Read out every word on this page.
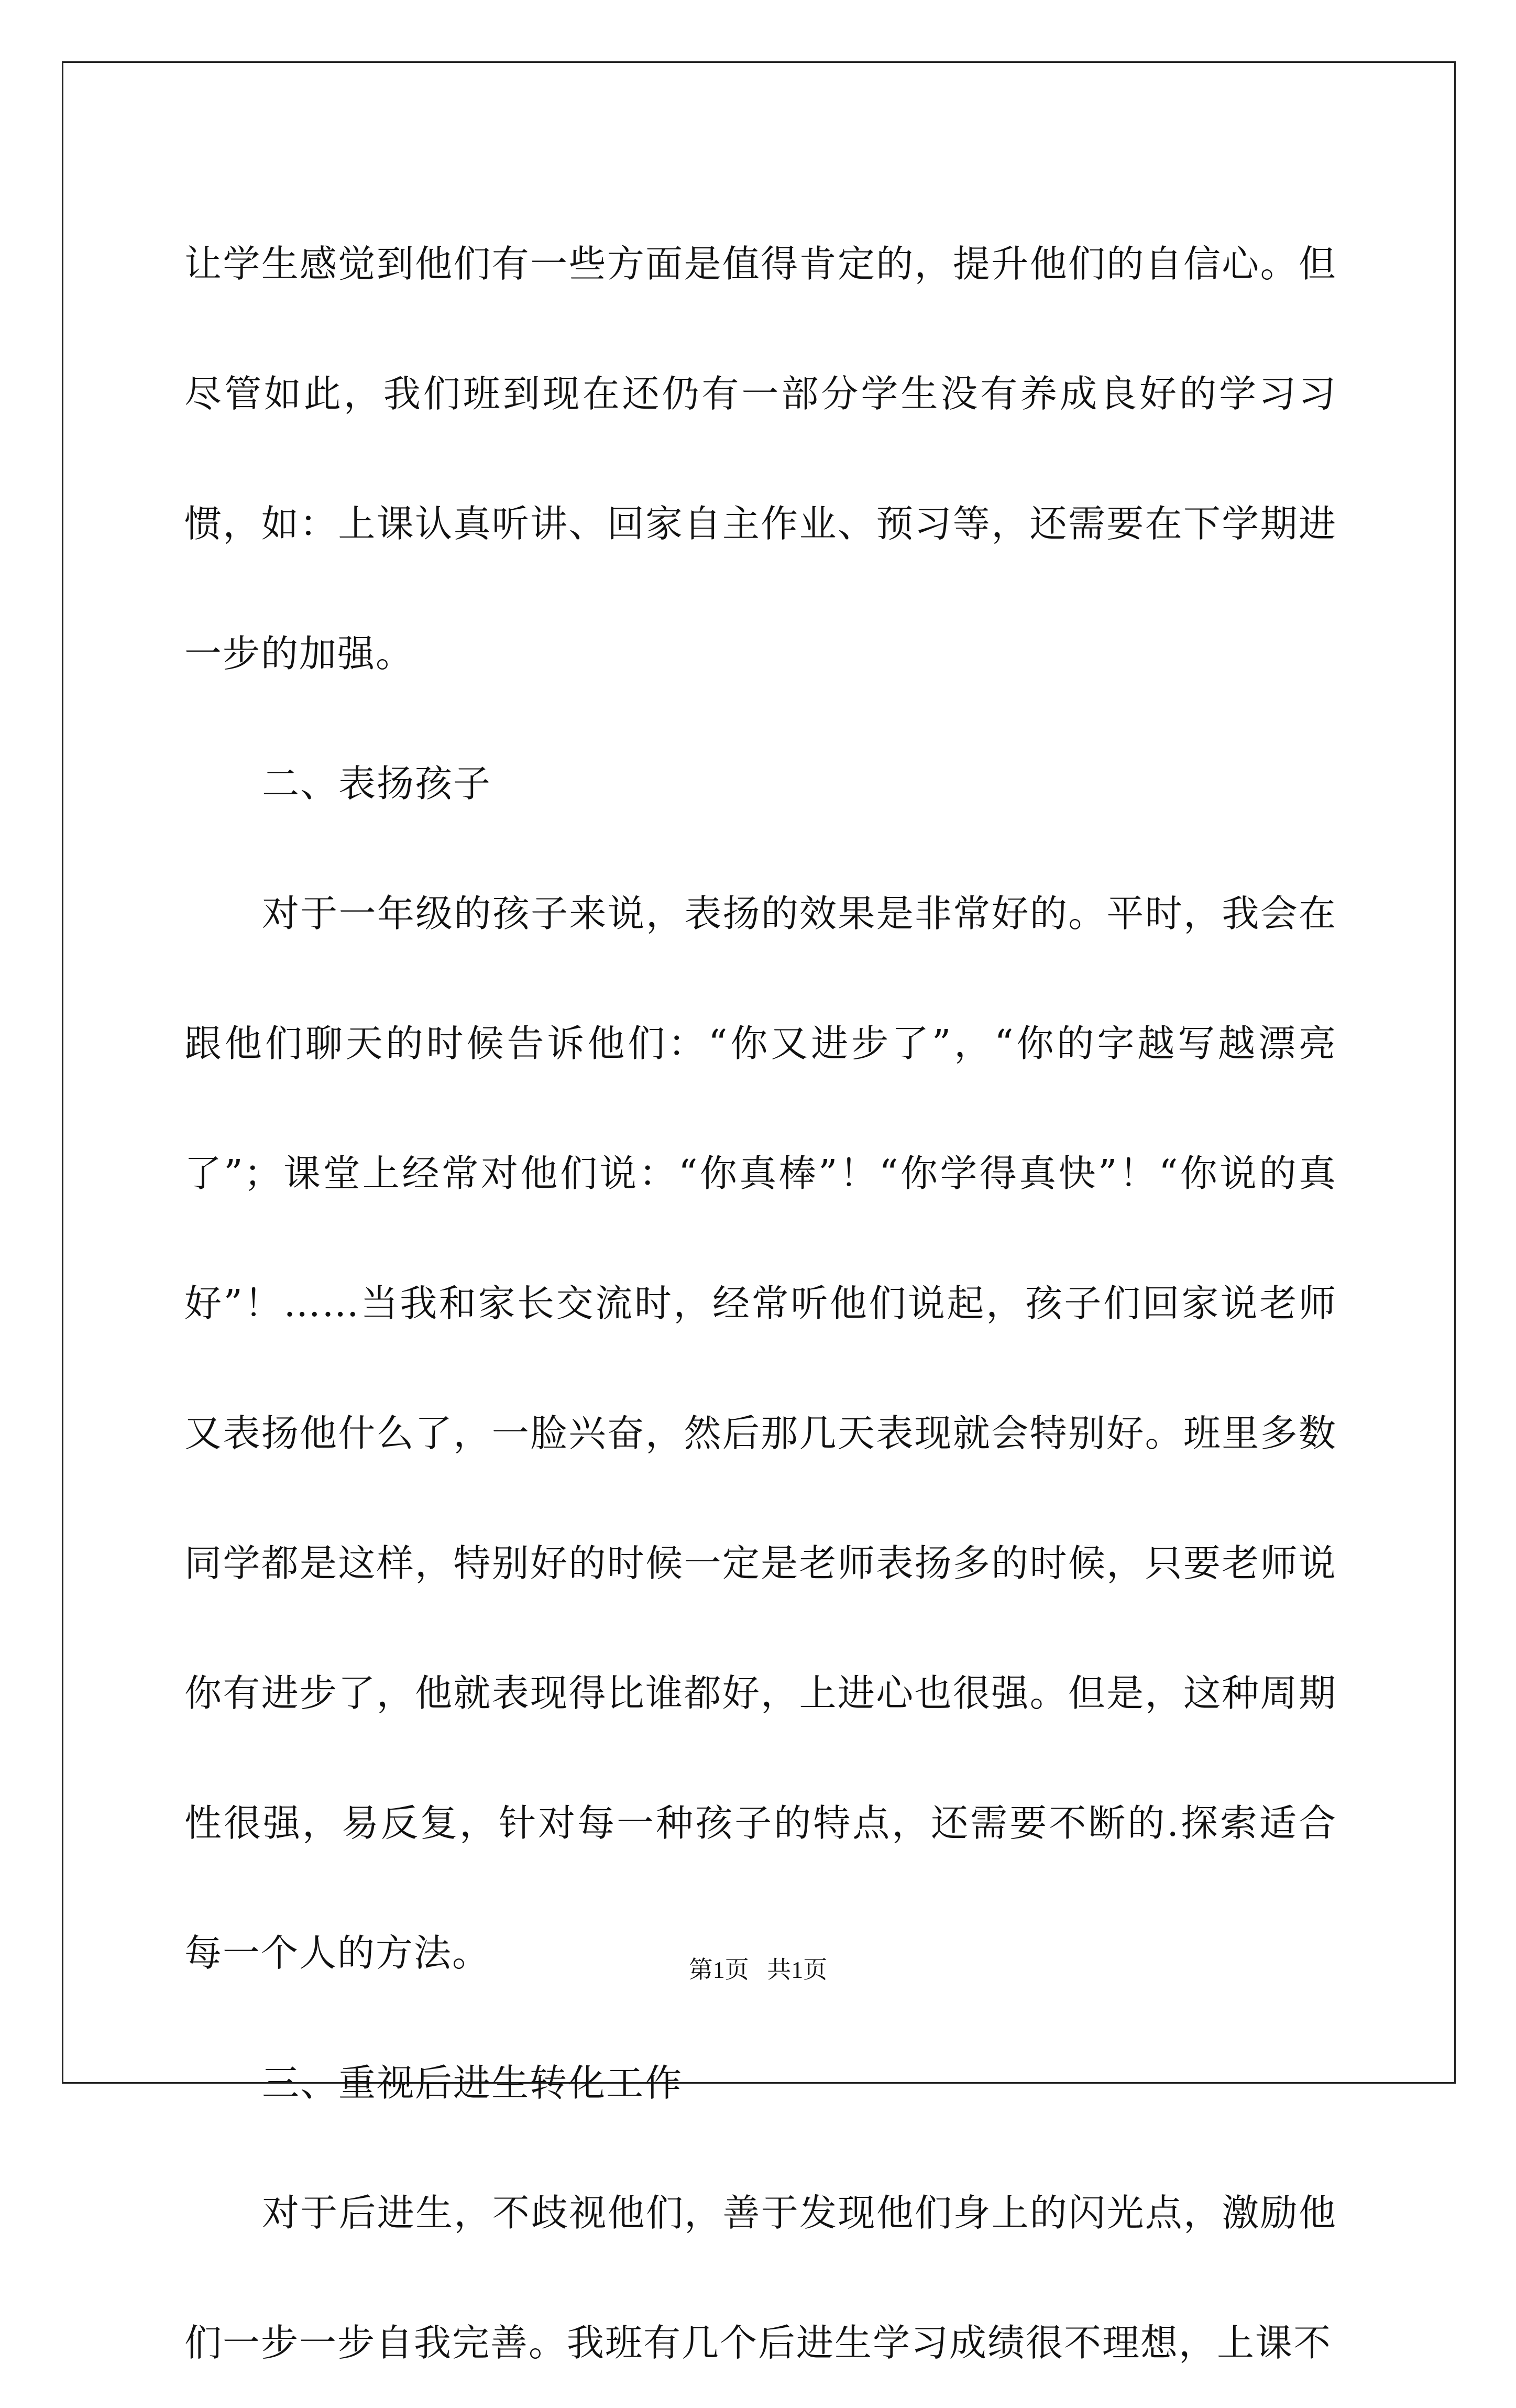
让学生感觉到他们有一些方面是值得肯定的，提升他们的自信心。但尽管如此，我们班到现在还仍有一部分学生没有养成良好的学习习惯，如：上课认真听讲、回家自主作业、预习等，还需要在下学期进一步的加强。

二、表扬孩子

对于一年级的孩子来说，表扬的效果是非常好的。平时，我会在跟他们聊天的时候告诉他们：“你又进步了”，“你的字越写越漂亮了”；课堂上经常对他们说：“你真棒”！“你学得真快”！“你说的真好”！……当我和家长交流时，经常听他们说起，孩子们回家说老师又表扬他什么了，一脸兴奋，然后那几天表现就会特别好。班里多数同学都是这样，特别好的时候一定是老师表扬多的时候，只要老师说你有进步了，他就表现得比谁都好，上进心也很强。但是，这种周期性很强，易反复，针对每一种孩子的特点，还需要不断的.探索适合每一个人的方法。

三、重视后进生转化工作

对于后进生，不歧视他们，善于发现他们身上的闪光点，激励他们一步一步自我完善。我班有几个后进生学习成绩很不理想，上课不

第1页   共1页
